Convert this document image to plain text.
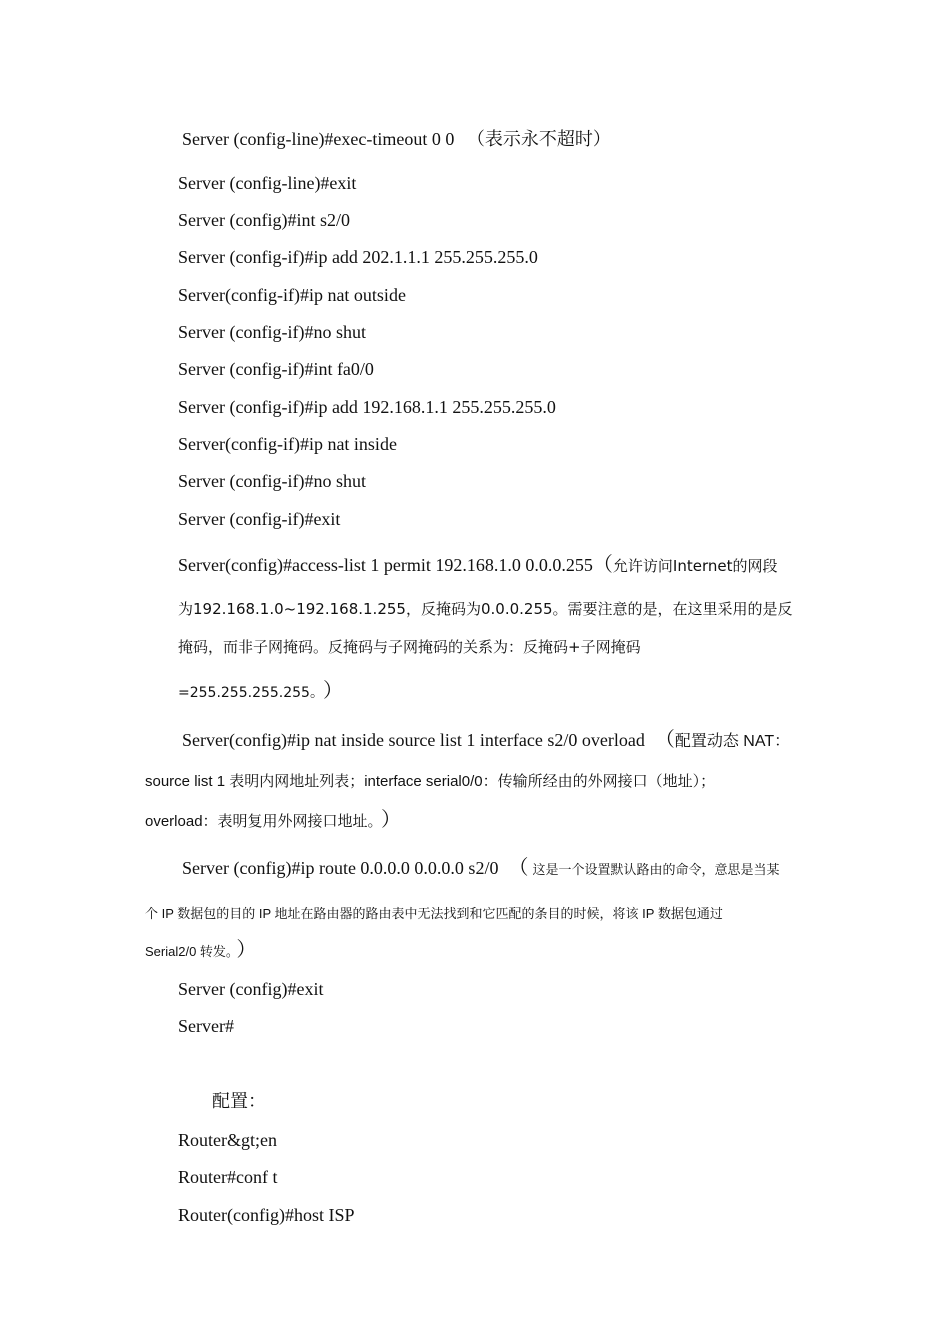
Server (config-line)#exec-timeout 0 0 （表示永不超时）
Server (config-line)#exit
Server (config)#int s2/0
Server (config-if)#ip add 202.1.1.1 255.255.255.0
Server(config-if)#ip nat outside
Server (config-if)#no shut
Server (config-if)#int fa0/0
Server (config-if)#ip add 192.168.1.1 255.255.255.0
Server(config-if)#ip nat inside
Server (config-if)#no shut
Server (config-if)#exit
Server(config)#access-list 1 permit 192.168.1.0 0.0.0.255（允许访问Internet的网段
为192.168.1.0~192.168.1.255，反掩码为0.0.0.255。需要注意的是，在这里采用的是反
掩码，而非子网掩码。反掩码与子网掩码的关系为：反掩码+子网掩码
=255.255.255.255。 ）
Server(config)#ip nat inside source list 1 interface s2/0 overload （配置动态 NAT：
source list 1 表明内网地址列表；interface serial0/0：传输所经由的外网接口（地址）；
overload：表明复用外网接口地址。 ）
Server (config)#ip route 0.0.0.0 0.0.0.0 s2/0 （ 这是一个设置默认路由的命令，意思是当某
个 IP 数据包的目的 IP 地址在路由器的路由表中无法找到和它匹配的条目的时候，将该 IP 数据包通过
Serial2/0 转发。 ）
Server (config)#exit
Server#
配置：
Router&gt;en
Router#conf t
Router(config)#host ISP
